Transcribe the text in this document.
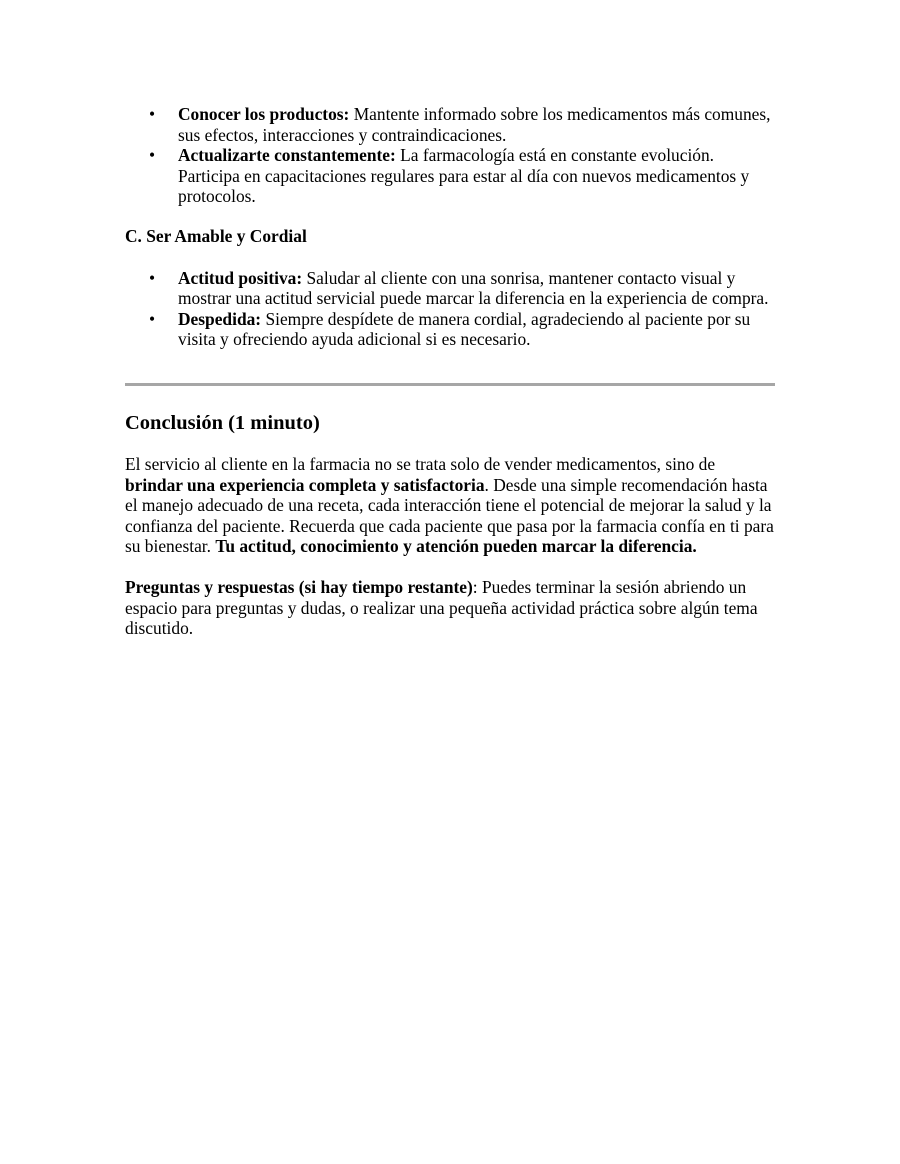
• Conocer los productos: Mantente informado sobre los medicamentos más comunes, sus efectos, interacciones y contraindicaciones.
• Actualizarte constantemente: La farmacología está en constante evolución. Participa en capacitaciones regulares para estar al día con nuevos medicamentos y protocolos.
C. Ser Amable y Cordial
• Actitud positiva: Saludar al cliente con una sonrisa, mantener contacto visual y mostrar una actitud servicial puede marcar la diferencia en la experiencia de compra.
• Despedida: Siempre despídete de manera cordial, agradeciendo al paciente por su visita y ofreciendo ayuda adicional si es necesario.
Conclusión (1 minuto)

El servicio al cliente en la farmacia no se trata solo de vender medicamentos, sino de brindar una experiencia completa y satisfactoria. Desde una simple recomendación hasta el manejo adecuado de una receta, cada interacción tiene el potencial de mejorar la salud y la confianza del paciente. Recuerda que cada paciente que pasa por la farmacia confía en ti para su bienestar. Tu actitud, conocimiento y atención pueden marcar la diferencia.

Preguntas y respuestas (si hay tiempo restante): Puedes terminar la sesión abriendo un espacio para preguntas y dudas, o realizar una pequeña actividad práctica sobre algún tema discutido.
